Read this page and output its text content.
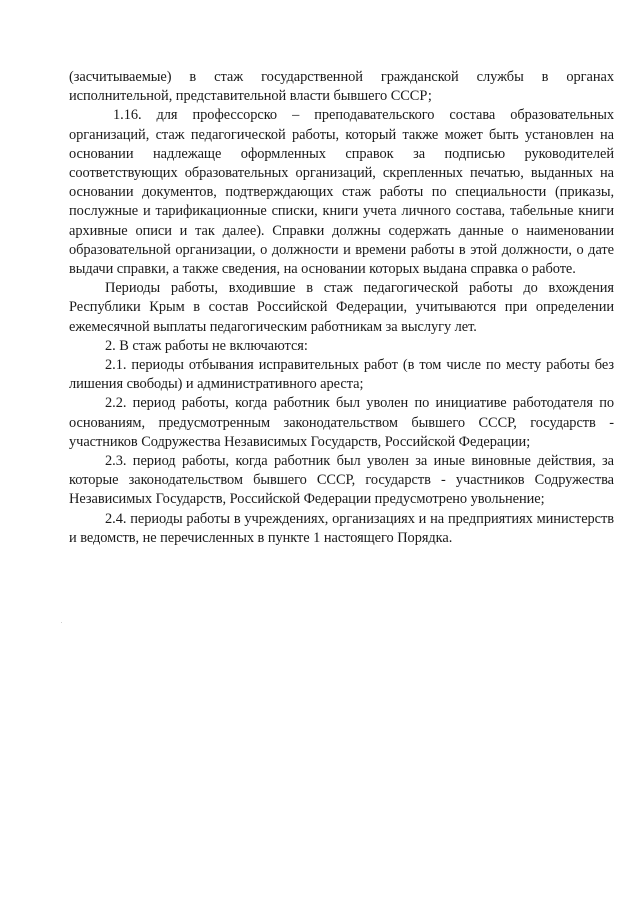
(засчитываемые) в стаж государственной гражданской службы в органах исполнительной, представительной власти бывшего СССР;

1.16. для профессорско – преподавательского состава образовательных организаций, стаж педагогической работы, который также может быть установлен на основании надлежаще оформленных справок за подписью руководителей соответствующих образовательных организаций, скрепленных печатью, выданных на основании документов, подтверждающих стаж работы по специальности (приказы, послужные и тарификационные списки, книги учета личного состава, табельные книги архивные описи и так далее). Справки должны содержать данные о наименовании образовательной организации, о должности и времени работы в этой должности, о дате выдачи справки, а также сведения, на основании которых выдана справка о работе.

Периоды работы, входившие в стаж педагогической работы до вхождения Республики Крым в состав Российской Федерации, учитываются при определении ежемесячной выплаты педагогическим работникам за выслугу лет.

2. В стаж работы не включаются:

2.1. периоды отбывания исправительных работ (в том числе по месту работы без лишения свободы) и административного ареста;

2.2. период работы, когда работник был уволен по инициативе работодателя по основаниям, предусмотренным законодательством бывшего СССР, государств - участников Содружества Независимых Государств, Российской Федерации;

2.3. период работы, когда работник был уволен за иные виновные действия, за которые законодательством бывшего СССР, государств - участников Содружества Независимых Государств, Российской Федерации предусмотрено увольнение;

2.4. периоды работы в учреждениях, организациях и на предприятиях министерств и ведомств, не перечисленных в пункте 1 настоящего Порядка.
